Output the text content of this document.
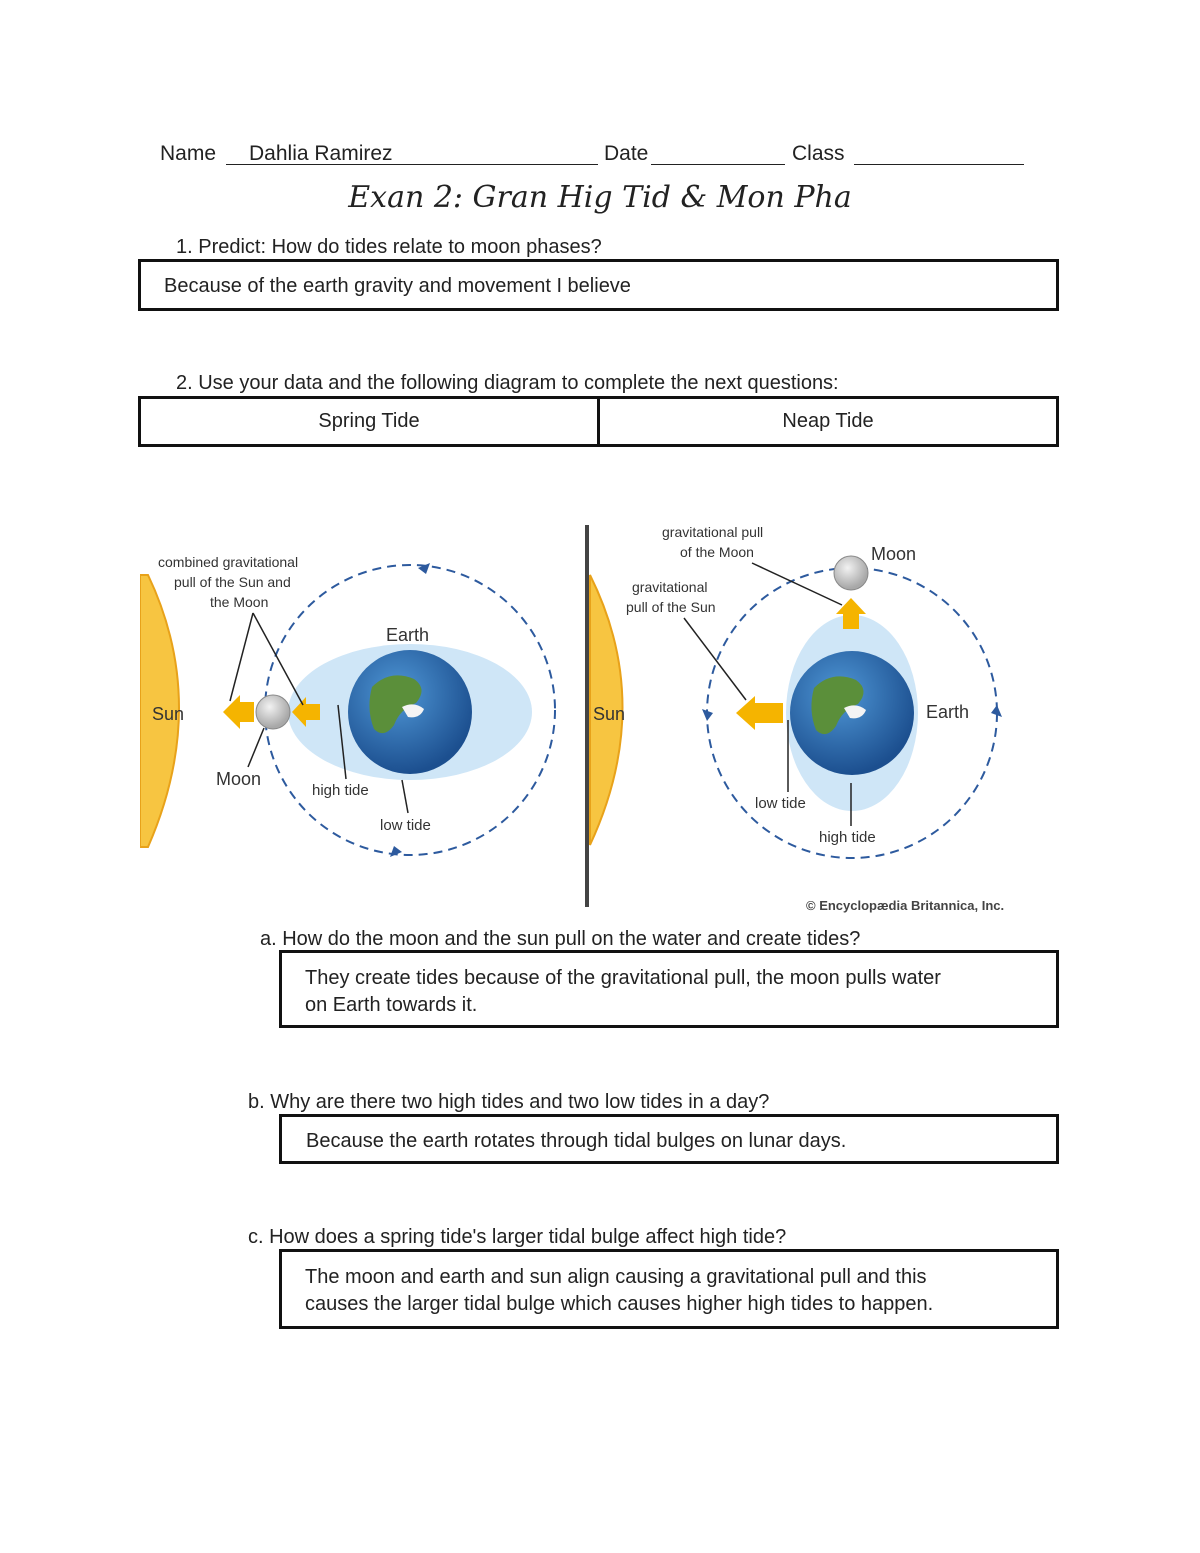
Name Dahlia Ramirez	Date	Class
Exan 2: Gran Hig Tid & Mon Pha
1. Predict: How do tides relate to moon phases?
Because of the earth gravity and movement I believe
2. Use your data and the following diagram to complete the next questions:
Spring Tide	Neap Tide
Sun
Earth
Moon
combined gravitational
pull of the Sun and
the Moon
high tide
low tide
Sun	Earth
Moon
gravitational pull
of the Moon
gravitational
pull of the Sun
low tide
high tide
© Encyclopædia Britannica, Inc.
a. How do the moon and the sun pull on the water and create tides?
They create tides because of the gravitational pull, the moon pulls water
on Earth towards it.
b. Why are there two high tides and two low tides in a day?
Because the earth rotates through tidal bulges on lunar days.
c. How does a spring tide's larger tidal bulge affect high tide?
The moon and earth and sun align causing a gravitational pull and this
causes the larger tidal bulge which causes higher high tides to happen.
